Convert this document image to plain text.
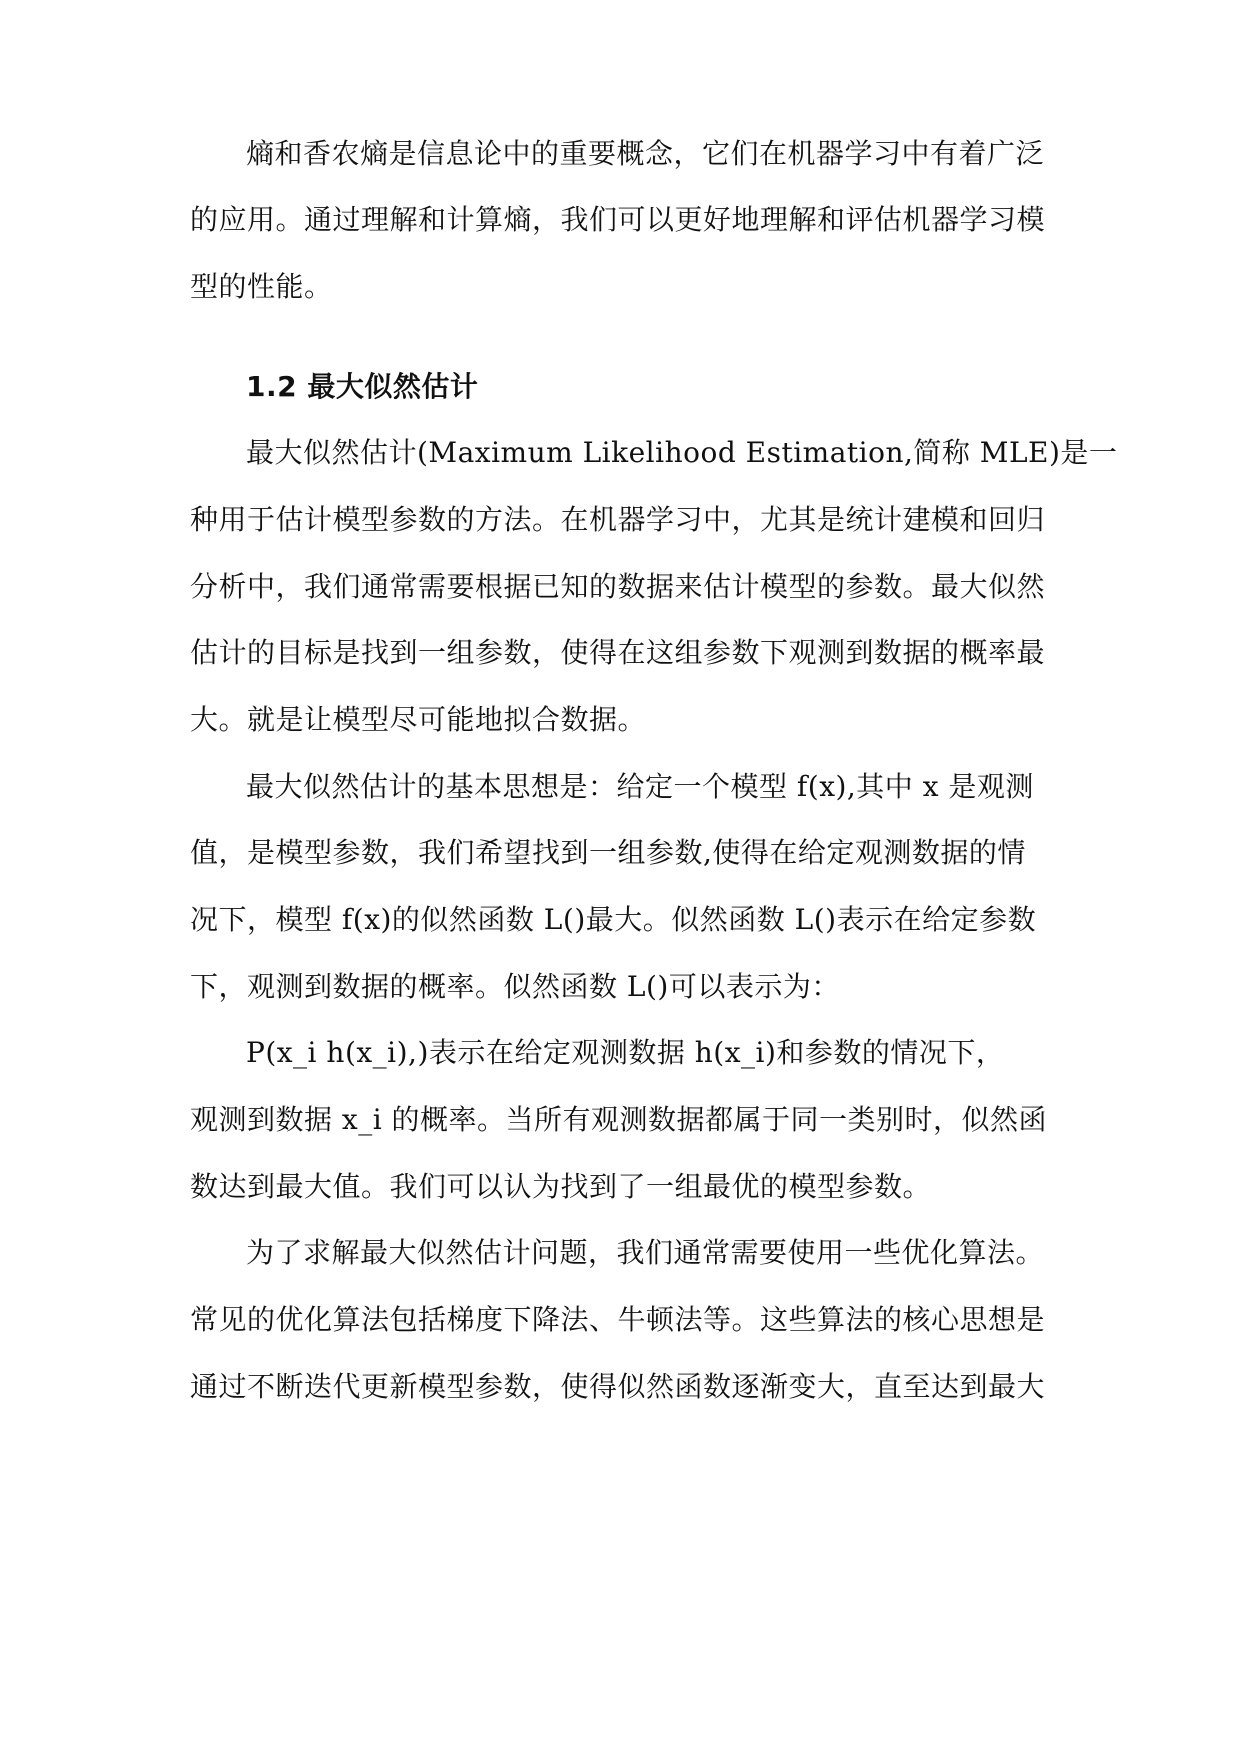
熵和香农熵是信息论中的重要概念，它们在机器学习中有着广泛
的应用。通过理解和计算熵，我们可以更好地理解和评估机器学习模
型的性能。
1.2 最大似然估计
最大似然估计(Maximum Likelihood Estimation,简称 MLE)是一
种用于估计模型参数的方法。在机器学习中，尤其是统计建模和回归
分析中，我们通常需要根据已知的数据来估计模型的参数。最大似然
估计的目标是找到一组参数，使得在这组参数下观测到数据的概率最
大。就是让模型尽可能地拟合数据。
最大似然估计的基本思想是：给定一个模型 f(x),其中 x 是观测
值，是模型参数，我们希望找到一组参数,使得在给定观测数据的情
况下，模型 f(x)的似然函数 L()最大。似然函数 L()表示在给定参数
下，观测到数据的概率。似然函数 L()可以表示为：
P(x_i h(x_i),)表示在给定观测数据 h(x_i)和参数的情况下，
观测到数据 x_i 的概率。当所有观测数据都属于同一类别时，似然函
数达到最大值。我们可以认为找到了一组最优的模型参数。
为了求解最大似然估计问题，我们通常需要使用一些优化算法。
常见的优化算法包括梯度下降法、牛顿法等。这些算法的核心思想是
通过不断迭代更新模型参数，使得似然函数逐渐变大，直至达到最大
